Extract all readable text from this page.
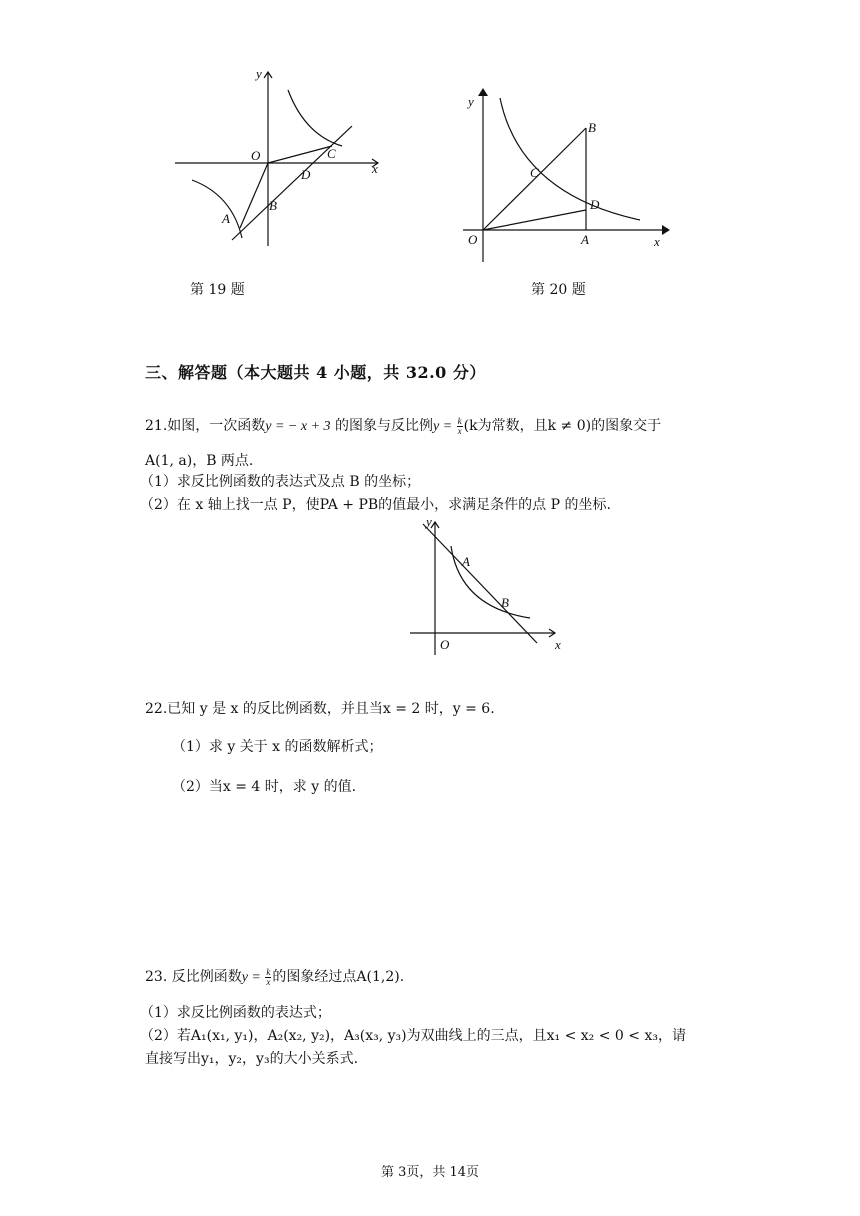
y
x
O	C
D
B
A
第 19 题
y
x
O	A
B
C
D
第 20 题
三、解答题（本大题共 4 小题，共 32.0 分）
21.如图，一次函数y = − x + 3 的图象与反比例$y = \frac{k}{x} (k$为常数，且k ≠ 0)的图象交于
A(1, a)，B 两点.
（1）求反比例函数的表达式及点 B 的坐标；
（2）在 x 轴上找一点 P，使PA + PB的值最小，求满足条件的点 P 的坐标.
y
A
B
O	x
22.已知 y 是 x 的反比例函数，并且当x = 2 时，y = 6.
（1）求 y 关于 x 的函数解析式；
（2）当x = 4 时，求 y 的值.
23. 反比例函数$y = \frac{k}{x}$ 的图象经过点A(1,2).
（1）求反比例函数的表达式；
（2）若A₁(x₁, y₁)，A₂(x₂, y₂)，A₃(x₃, y₃)为双曲线上的三点，且x₁ < x₂ < 0 < x₃，请
直接写出y₁，y₂，y₃的大小关系式.
第 3页，共 14页
